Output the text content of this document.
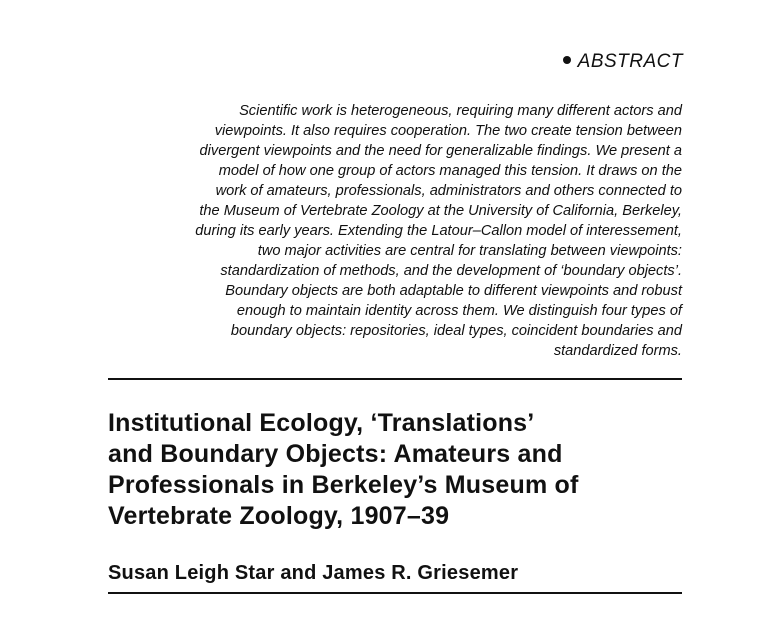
ABSTRACT
Scientific work is heterogeneous, requiring many different actors and
viewpoints. It also requires cooperation. The two create tension between
divergent viewpoints and the need for generalizable findings. We present a
model of how one group of actors managed this tension. It draws on the
work of amateurs, professionals, administrators and others connected to
the Museum of Vertebrate Zoology at the University of California, Berkeley,
during its early years. Extending the Latour–Callon model of interessement,
two major activities are central for translating between viewpoints:
standardization of methods, and the development of ‘boundary objects’.
Boundary objects are both adaptable to different viewpoints and robust
enough to maintain identity across them. We distinguish four types of
boundary objects: repositories, ideal types, coincident boundaries and
standardized forms.
Institutional Ecology, ‘Translations’
and Boundary Objects: Amateurs and
Professionals in Berkeley’s Museum of
Vertebrate Zoology, 1907–39
Susan Leigh Star and James R. Griesemer
